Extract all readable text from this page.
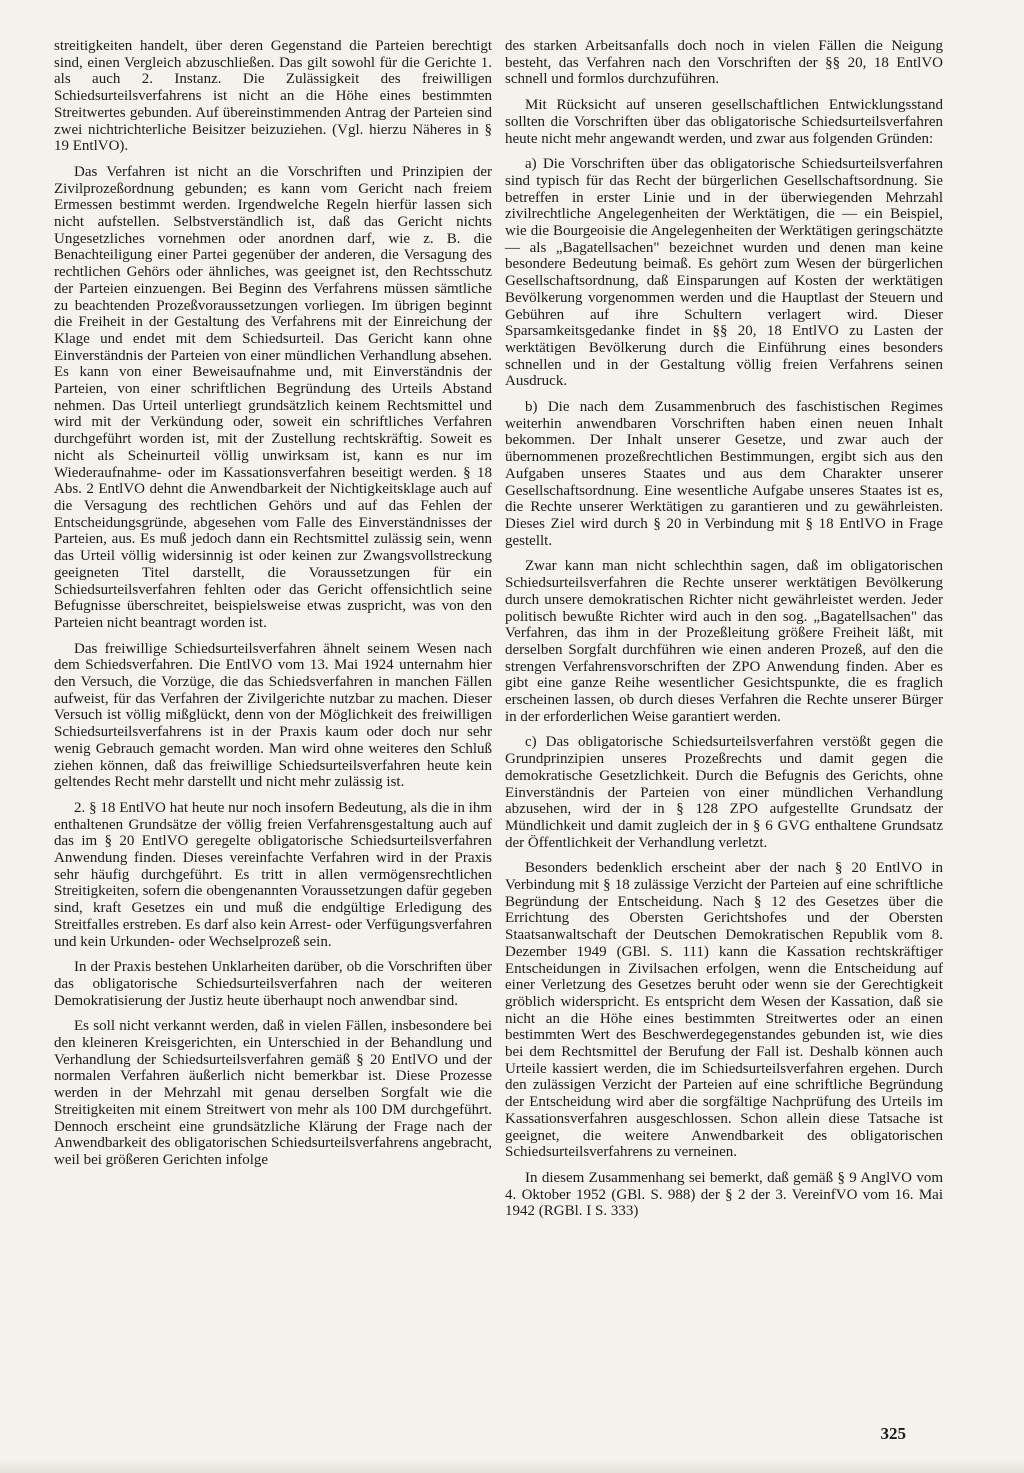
streitigkeiten handelt, über deren Gegenstand die Parteien berechtigt sind, einen Vergleich abzuschließen. Das gilt sowohl für die Gerichte 1. als auch 2. Instanz. Die Zulässigkeit des freiwilligen Schiedsurteilsverfahrens ist nicht an die Höhe eines bestimmten Streitwertes gebunden. Auf übereinstimmenden Antrag der Parteien sind zwei nichtrichterliche Beisitzer beizuziehen. (Vgl. hierzu Näheres in § 19 EntlVO).

Das Verfahren ist nicht an die Vorschriften und Prinzipien der Zivilprozeßordnung gebunden; es kann vom Gericht nach freiem Ermessen bestimmt werden. Irgendwelche Regeln hierfür lassen sich nicht aufstellen. Selbstverständlich ist, daß das Gericht nichts Ungesetzliches vornehmen oder anordnen darf, wie z. B. die Benachteiligung einer Partei gegenüber der anderen, die Versagung des rechtlichen Gehörs oder ähnliches, was geeignet ist, den Rechtsschutz der Parteien einzuengen. Bei Beginn des Verfahrens müssen sämtliche zu beachtenden Prozeßvoraussetzungen vorliegen. Im übrigen beginnt die Freiheit in der Gestaltung des Verfahrens mit der Einreichung der Klage und endet mit dem Schiedsurteil. Das Gericht kann ohne Einverständnis der Parteien von einer mündlichen Verhandlung absehen. Es kann von einer Beweisaufnahme und, mit Einverständnis der Parteien, von einer schriftlichen Begründung des Urteils Abstand nehmen. Das Urteil unterliegt grundsätzlich keinem Rechtsmittel und wird mit der Verkündung oder, soweit ein schriftliches Verfahren durchgeführt worden ist, mit der Zustellung rechtskräftig. Soweit es nicht als Scheinurteil völlig unwirksam ist, kann es nur im Wiederaufnahme- oder im Kassationsverfahren beseitigt werden. § 18 Abs. 2 EntlVO dehnt die Anwendbarkeit der Nichtigkeitsklage auch auf die Versagung des rechtlichen Gehörs und auf das Fehlen der Entscheidungsgründe, abgesehen vom Falle des Einverständnisses der Parteien, aus. Es muß jedoch dann ein Rechtsmittel zulässig sein, wenn das Urteil völlig widersinnig ist oder keinen zur Zwangsvollstreckung geeigneten Titel darstellt, die Voraussetzungen für ein Schiedsurteilsverfahren fehlten oder das Gericht offensichtlich seine Befugnisse überschreitet, beispielsweise etwas zuspricht, was von den Parteien nicht beantragt worden ist.

Das freiwillige Schiedsurteilsverfahren ähnelt seinem Wesen nach dem Schiedsverfahren. Die EntlVO vom 13. Mai 1924 unternahm hier den Versuch, die Vorzüge, die das Schiedsverfahren in manchen Fällen aufweist, für das Verfahren der Zivilgerichte nutzbar zu machen. Dieser Versuch ist völlig mißglückt, denn von der Möglichkeit des freiwilligen Schiedsurteilsverfahrens ist in der Praxis kaum oder doch nur sehr wenig Gebrauch gemacht worden. Man wird ohne weiteres den Schluß ziehen können, daß das freiwillige Schiedsurteilsverfahren heute kein geltendes Recht mehr darstellt und nicht mehr zulässig ist.

2. § 18 EntlVO hat heute nur noch insofern Bedeutung, als die in ihm enthaltenen Grundsätze der völlig freien Verfahrensgestaltung auch auf das im § 20 EntlVO geregelte obligatorische Schiedsurteilsverfahren Anwendung finden. Dieses vereinfachte Verfahren wird in der Praxis sehr häufig durchgeführt. Es tritt in allen vermögensrechtlichen Streitigkeiten, sofern die obengenannten Voraussetzungen dafür gegeben sind, kraft Gesetzes ein und muß die endgültige Erledigung des Streitfalles erstreben. Es darf also kein Arrest- oder Verfügungsverfahren und kein Urkunden- oder Wechselprozeß sein.

In der Praxis bestehen Unklarheiten darüber, ob die Vorschriften über das obligatorische Schiedsurteilsverfahren nach der weiteren Demokratisierung der Justiz heute überhaupt noch anwendbar sind.

Es soll nicht verkannt werden, daß in vielen Fällen, insbesondere bei den kleineren Kreisgerichten, ein Unterschied in der Behandlung und Verhandlung der Schiedsurteilsverfahren gemäß § 20 EntlVO und der normalen Verfahren äußerlich nicht bemerkbar ist. Diese Prozesse werden in der Mehrzahl mit genau derselben Sorgfalt wie die Streitigkeiten mit einem Streitwert von mehr als 100 DM durchgeführt. Dennoch erscheint eine grundsätzliche Klärung der Frage nach der Anwendbarkeit des obligatorischen Schiedsurteilsverfahrens angebracht, weil bei größeren Gerichten infolge

des starken Arbeitsanfalls doch noch in vielen Fällen die Neigung besteht, das Verfahren nach den Vorschriften der §§ 20, 18 EntlVO schnell und formlos durchzuführen.

Mit Rücksicht auf unseren gesellschaftlichen Entwicklungsstand sollten die Vorschriften über das obligatorische Schiedsurteilsverfahren heute nicht mehr angewandt werden, und zwar aus folgenden Gründen:

a) Die Vorschriften über das obligatorische Schiedsurteilsverfahren sind typisch für das Recht der bürgerlichen Gesellschaftsordnung. Sie betreffen in erster Linie und in der überwiegenden Mehrzahl zivilrechtliche Angelegenheiten der Werktätigen, die — ein Beispiel, wie die Bourgeoisie die Angelegenheiten der Werktätigen geringschätzte — als „Bagatellsachen" bezeichnet wurden und denen man keine besondere Bedeutung beimaß. Es gehört zum Wesen der bürgerlichen Gesellschaftsordnung, daß Einsparungen auf Kosten der werktätigen Bevölkerung vorgenommen werden und die Hauptlast der Steuern und Gebühren auf ihre Schultern verlagert wird. Dieser Sparsamkeitsgedanke findet in §§ 20, 18 EntlVO zu Lasten der werktätigen Bevölkerung durch die Einführung eines besonders schnellen und in der Gestaltung völlig freien Verfahrens seinen Ausdruck.

b) Die nach dem Zusammenbruch des faschistischen Regimes weiterhin anwendbaren Vorschriften haben einen neuen Inhalt bekommen. Der Inhalt unserer Gesetze, und zwar auch der übernommenen prozeßrechtlichen Bestimmungen, ergibt sich aus den Aufgaben unseres Staates und aus dem Charakter unserer Gesellschaftsordnung. Eine wesentliche Aufgabe unseres Staates ist es, die Rechte unserer Werktätigen zu garantieren und zu gewährleisten. Dieses Ziel wird durch § 20 in Verbindung mit § 18 EntlVO in Frage gestellt.

Zwar kann man nicht schlechthin sagen, daß im obligatorischen Schiedsurteilsverfahren die Rechte unserer werktätigen Bevölkerung durch unsere demokratischen Richter nicht gewährleistet werden. Jeder politisch bewußte Richter wird auch in den sog. „Bagatellsachen" das Verfahren, das ihm in der Prozeßleitung größere Freiheit läßt, mit derselben Sorgfalt durchführen wie einen anderen Prozeß, auf den die strengen Verfahrensvorschriften der ZPO Anwendung finden. Aber es gibt eine ganze Reihe wesentlicher Gesichtspunkte, die es fraglich erscheinen lassen, ob durch dieses Verfahren die Rechte unserer Bürger in der erforderlichen Weise garantiert werden.

c) Das obligatorische Schiedsurteilsverfahren verstößt gegen die Grundprinzipien unseres Prozeßrechts und damit gegen die demokratische Gesetzlichkeit. Durch die Befugnis des Gerichts, ohne Einverständnis der Parteien von einer mündlichen Verhandlung abzusehen, wird der in § 128 ZPO aufgestellte Grundsatz der Mündlichkeit und damit zugleich der in § 6 GVG enthaltene Grundsatz der Öffentlichkeit der Verhandlung verletzt.

Besonders bedenklich erscheint aber der nach § 20 EntlVO in Verbindung mit § 18 zulässige Verzicht der Parteien auf eine schriftliche Begründung der Entscheidung. Nach § 12 des Gesetzes über die Errichtung des Obersten Gerichtshofes und der Obersten Staatsanwaltschaft der Deutschen Demokratischen Republik vom 8. Dezember 1949 (GBl. S. 111) kann die Kassation rechtskräftiger Entscheidungen in Zivilsachen erfolgen, wenn die Entscheidung auf einer Verletzung des Gesetzes beruht oder wenn sie der Gerechtigkeit gröblich widerspricht. Es entspricht dem Wesen der Kassation, daß sie nicht an die Höhe eines bestimmten Streitwertes oder an einen bestimmten Wert des Beschwerdegegenstandes gebunden ist, wie dies bei dem Rechtsmittel der Berufung der Fall ist. Deshalb können auch Urteile kassiert werden, die im Schiedsurteilsverfahren ergehen. Durch den zulässigen Verzicht der Parteien auf eine schriftliche Begründung der Entscheidung wird aber die sorgfältige Nachprüfung des Urteils im Kassationsverfahren ausgeschlossen. Schon allein diese Tatsache ist geeignet, die weitere Anwendbarkeit des obligatorischen Schiedsurteilsverfahrens zu verneinen.

In diesem Zusammenhang sei bemerkt, daß gemäß § 9 AnglVO vom 4. Oktober 1952 (GBl. S. 988) der § 2 der 3. VereinfVO vom 16. Mai 1942 (RGBl. I S. 333)

325
